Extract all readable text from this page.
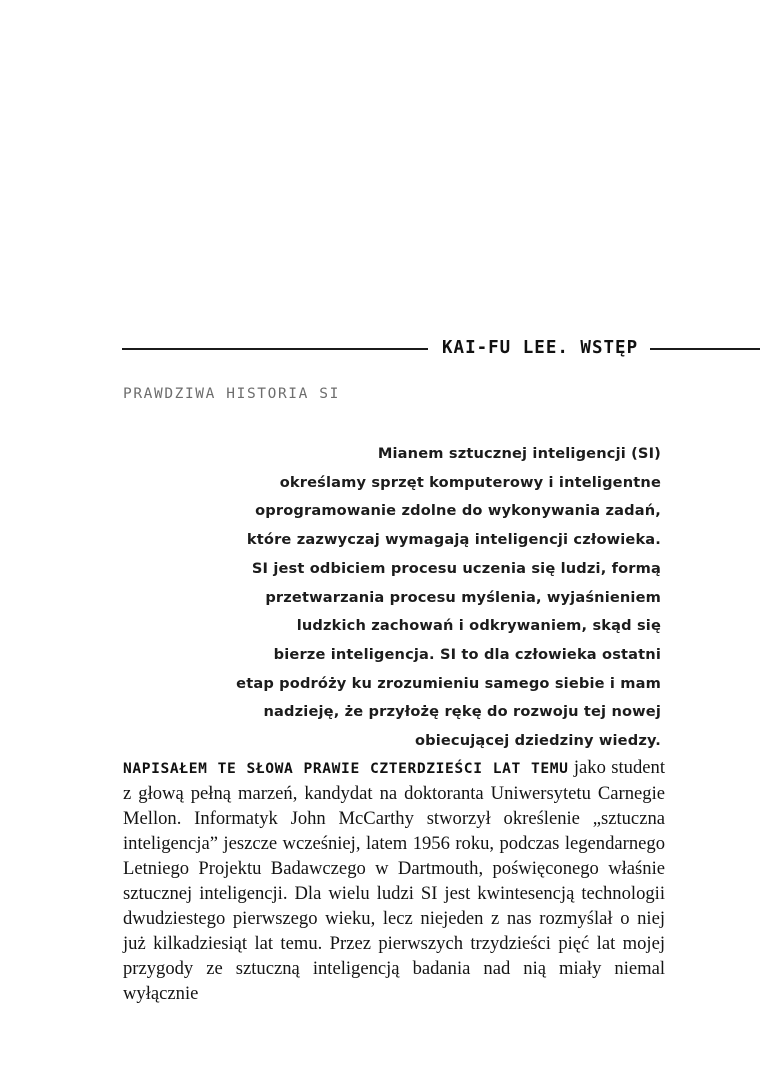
KAI-FU LEE. WSTĘP
PRAWDZIWA HISTORIA SI
Mianem sztucznej inteligencji (SI)
określamy sprzęt komputerowy i inteligentne
oprogramowanie zdolne do wykonywania zadań,
które zazwyczaj wymagają inteligencji człowieka.
SI jest odbiciem procesu uczenia się ludzi, formą
przetwarzania procesu myślenia, wyjaśnieniem
ludzkich zachowań i odkrywaniem, skąd się
bierze inteligencja. SI to dla człowieka ostatni
etap podróży ku zrozumieniu samego siebie i mam
nadzieję, że przyłożę rękę do rozwoju tej nowej
obiecującej dziedziny wiedzy.

NAPISAŁEM TE SŁOWA PRAWIE CZTERDZIEŚCI LAT TEMU jako student z głową pełną marzeń, kandydat na doktoranta Uniwersytetu Carnegie Mellon. Informatyk John McCarthy stworzył określenie „sztuczna inteligencja” jeszcze wcześniej, latem 1956 roku, podczas legendarnego Letniego Projektu Badawczego w Dartmouth, poświęconego właśnie sztucznej inteligencji. Dla wielu ludzi SI jest kwintesencją technologii dwudziestego pierwszego wieku, lecz niejeden z nas rozmyślał o niej już kilkadziesiąt lat temu. Przez pierwszych trzydzieści pięć lat mojej przygody ze sztuczną inteligencją badania nad nią miały niemal wyłącznie
